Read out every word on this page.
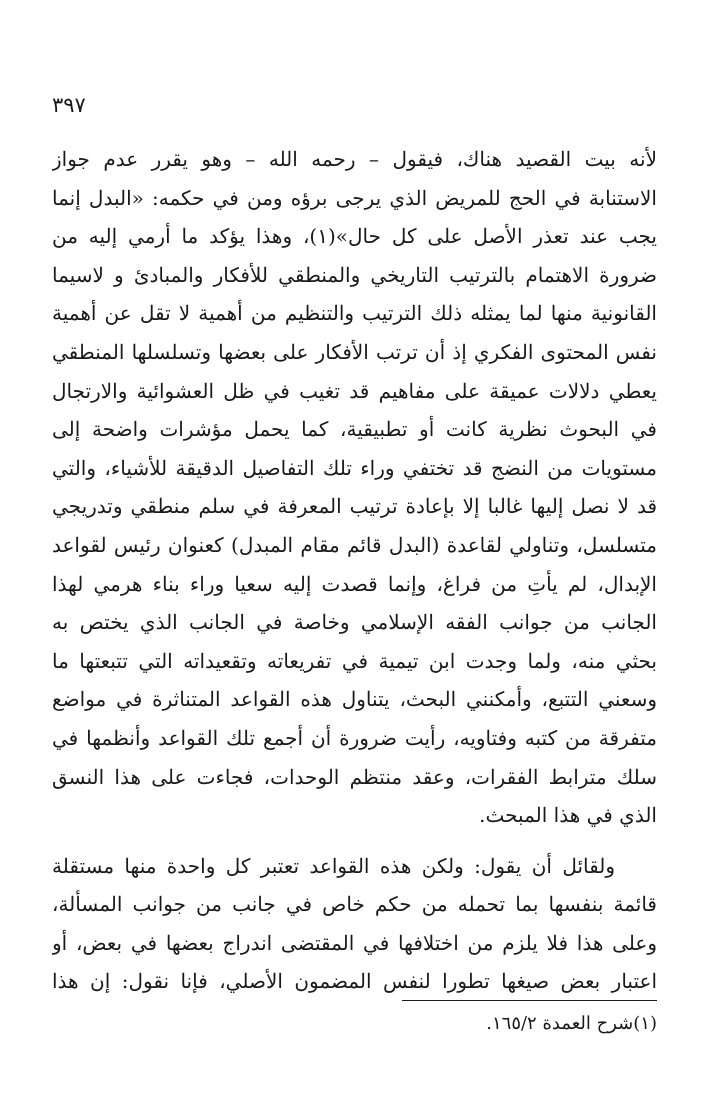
٣٩٧
لأنه بيت القصيد هناك، فيقول – رحمه الله – وهو يقرر عدم جواز
الاستنابة في الحج للمريض الذي يرجى برؤه ومن في حكمه: «البدل إنما
يجب عند تعذر الأصل على كل حال»(١)، وهذا يؤكد ما أرمي إليه من
ضرورة الاهتمام بالترتيب التاريخي والمنطقي للأفكار والمبادئ و لاسيما
القانونية منها لما يمثله ذلك الترتيب والتنظيم من أهمية لا تقل عن أهمية
نفس المحتوى الفكري إذ أن ترتب الأفكار على بعضها وتسلسلها المنطقي
يعطي دلالات عميقة على مفاهيم قد تغيب في ظل العشوائية والارتجال
في البحوث نظرية كانت أو تطبيقية، كما يحمل مؤشرات واضحة إلى
مستويات من النضج قد تختفي وراء تلك التفاصيل الدقيقة للأشياء، والتي
قد لا نصل إليها غالبا إلا بإعادة ترتيب المعرفة في سلم منطقي وتدريجي
متسلسل، وتناولي لقاعدة (البدل قائم مقام المبدل) كعنوان رئيس لقواعد
الإبدال، لم يأتِ من فراغ، وإنما قصدت إليه سعيا وراء بناء هرمي لهذا
الجانب من جوانب الفقه الإسلامي وخاصة في الجانب الذي يختص به
بحثي منه، ولما وجدت ابن تيمية في تفريعاته وتقعيداته التي تتبعتها ما
وسعني التتبع، وأمكنني البحث، يتناول هذه القواعد المتناثرة في مواضع
متفرقة من كتبه وفتاويه، رأيت ضرورة أن أجمع تلك القواعد وأنظمها في
سلك مترابط الفقرات، وعقد منتظم الوحدات، فجاءت على هذا النسق
الذي في هذا المبحث.
ولقائل أن يقول: ولكن هذه القواعد تعتبر كل واحدة منها مستقلة
قائمة بنفسها بما تحمله من حكم خاص في جانب من جوانب المسألة،
وعلى هذا فلا يلزم من اختلافها في المقتضى اندراج بعضها في بعض، أو
اعتبار بعض صيغها تطورا لنفس المضمون الأصلي، فإنا نقول: إن هذا
(١)شرح العمدة ١٦٥/٢.
